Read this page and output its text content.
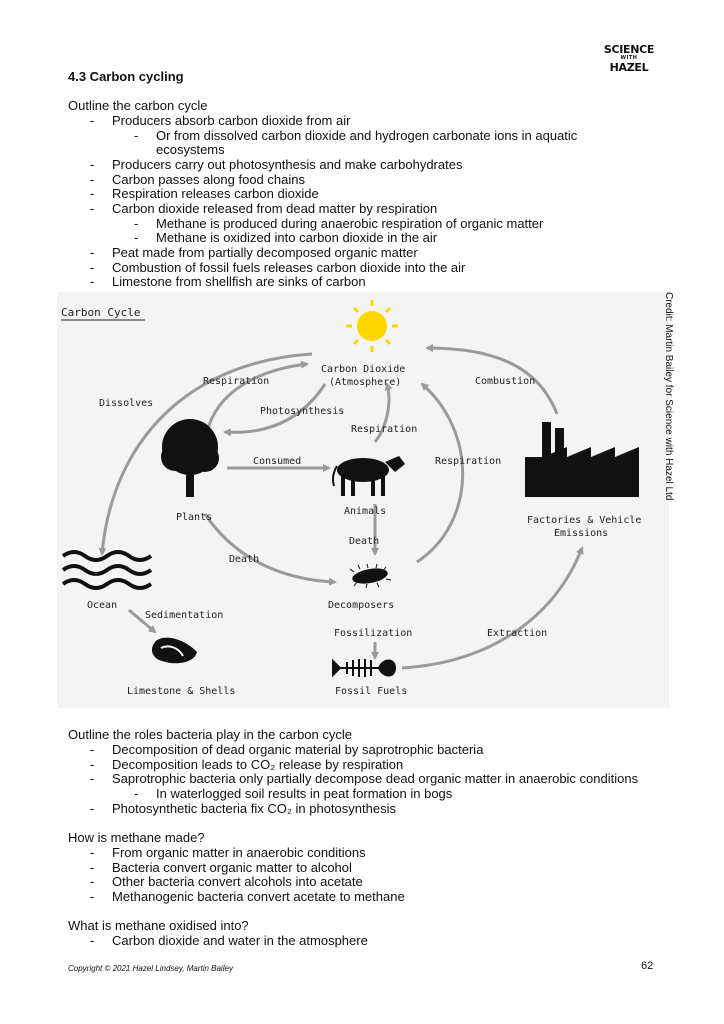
SCIENCE
WITH
HAZEL
4.3 Carbon cycling

Outline the carbon cycle

- Producers absorb carbon dioxide from air
- Or from dissolved carbon dioxide and hydrogen carbonate ions in aquatic
ecosystems
- Producers carry out photosynthesis and make carbohydrates
- Carbon passes along food chains
- Respiration releases carbon dioxide
- Carbon dioxide released from dead matter by respiration
- Methane is produced during anaerobic respiration of organic matter
- Methane is oxidized into carbon dioxide in the air
- Peat made from partially decomposed organic matter
- Combustion of fossil fuels releases carbon dioxide into the air
- Limestone from shellfish are sinks of carbon
Carbon Cycle
Carbon Dioxide
(Atmosphere)
Plants
Animals
Factories & Vehicle
Emissions
Ocean	Decomposers
Limestone & Shells	Fossil Fuels
Respiration
Photosynthesis
Respiration
Respiration
Combustion
Dissolves
Consumed
Death
Death
Sedimentation
Fossilization	Extraction
Credit: Martin Bailey for Science with Hazel Ltd

Outline the roles bacteria play in the carbon cycle

- Decomposition of dead organic material by saprotrophic bacteria
- Decomposition leads to CO₂ release by respiration
- Saprotrophic bacteria only partially decompose dead organic matter in anaerobic conditions
- In waterlogged soil results in peat formation in bogs
- Photosynthetic bacteria fix CO₂ in photosynthesis

How is methane made?

- From organic matter in anaerobic conditions
- Bacteria convert organic matter to alcohol
- Other bacteria convert alcohols into acetate
- Methanogenic bacteria convert acetate to methane

What is methane oxidised into?

- Carbon dioxide and water in the atmosphere
Copyright © 2021 Hazel Lindsey, Martin Bailey	62
